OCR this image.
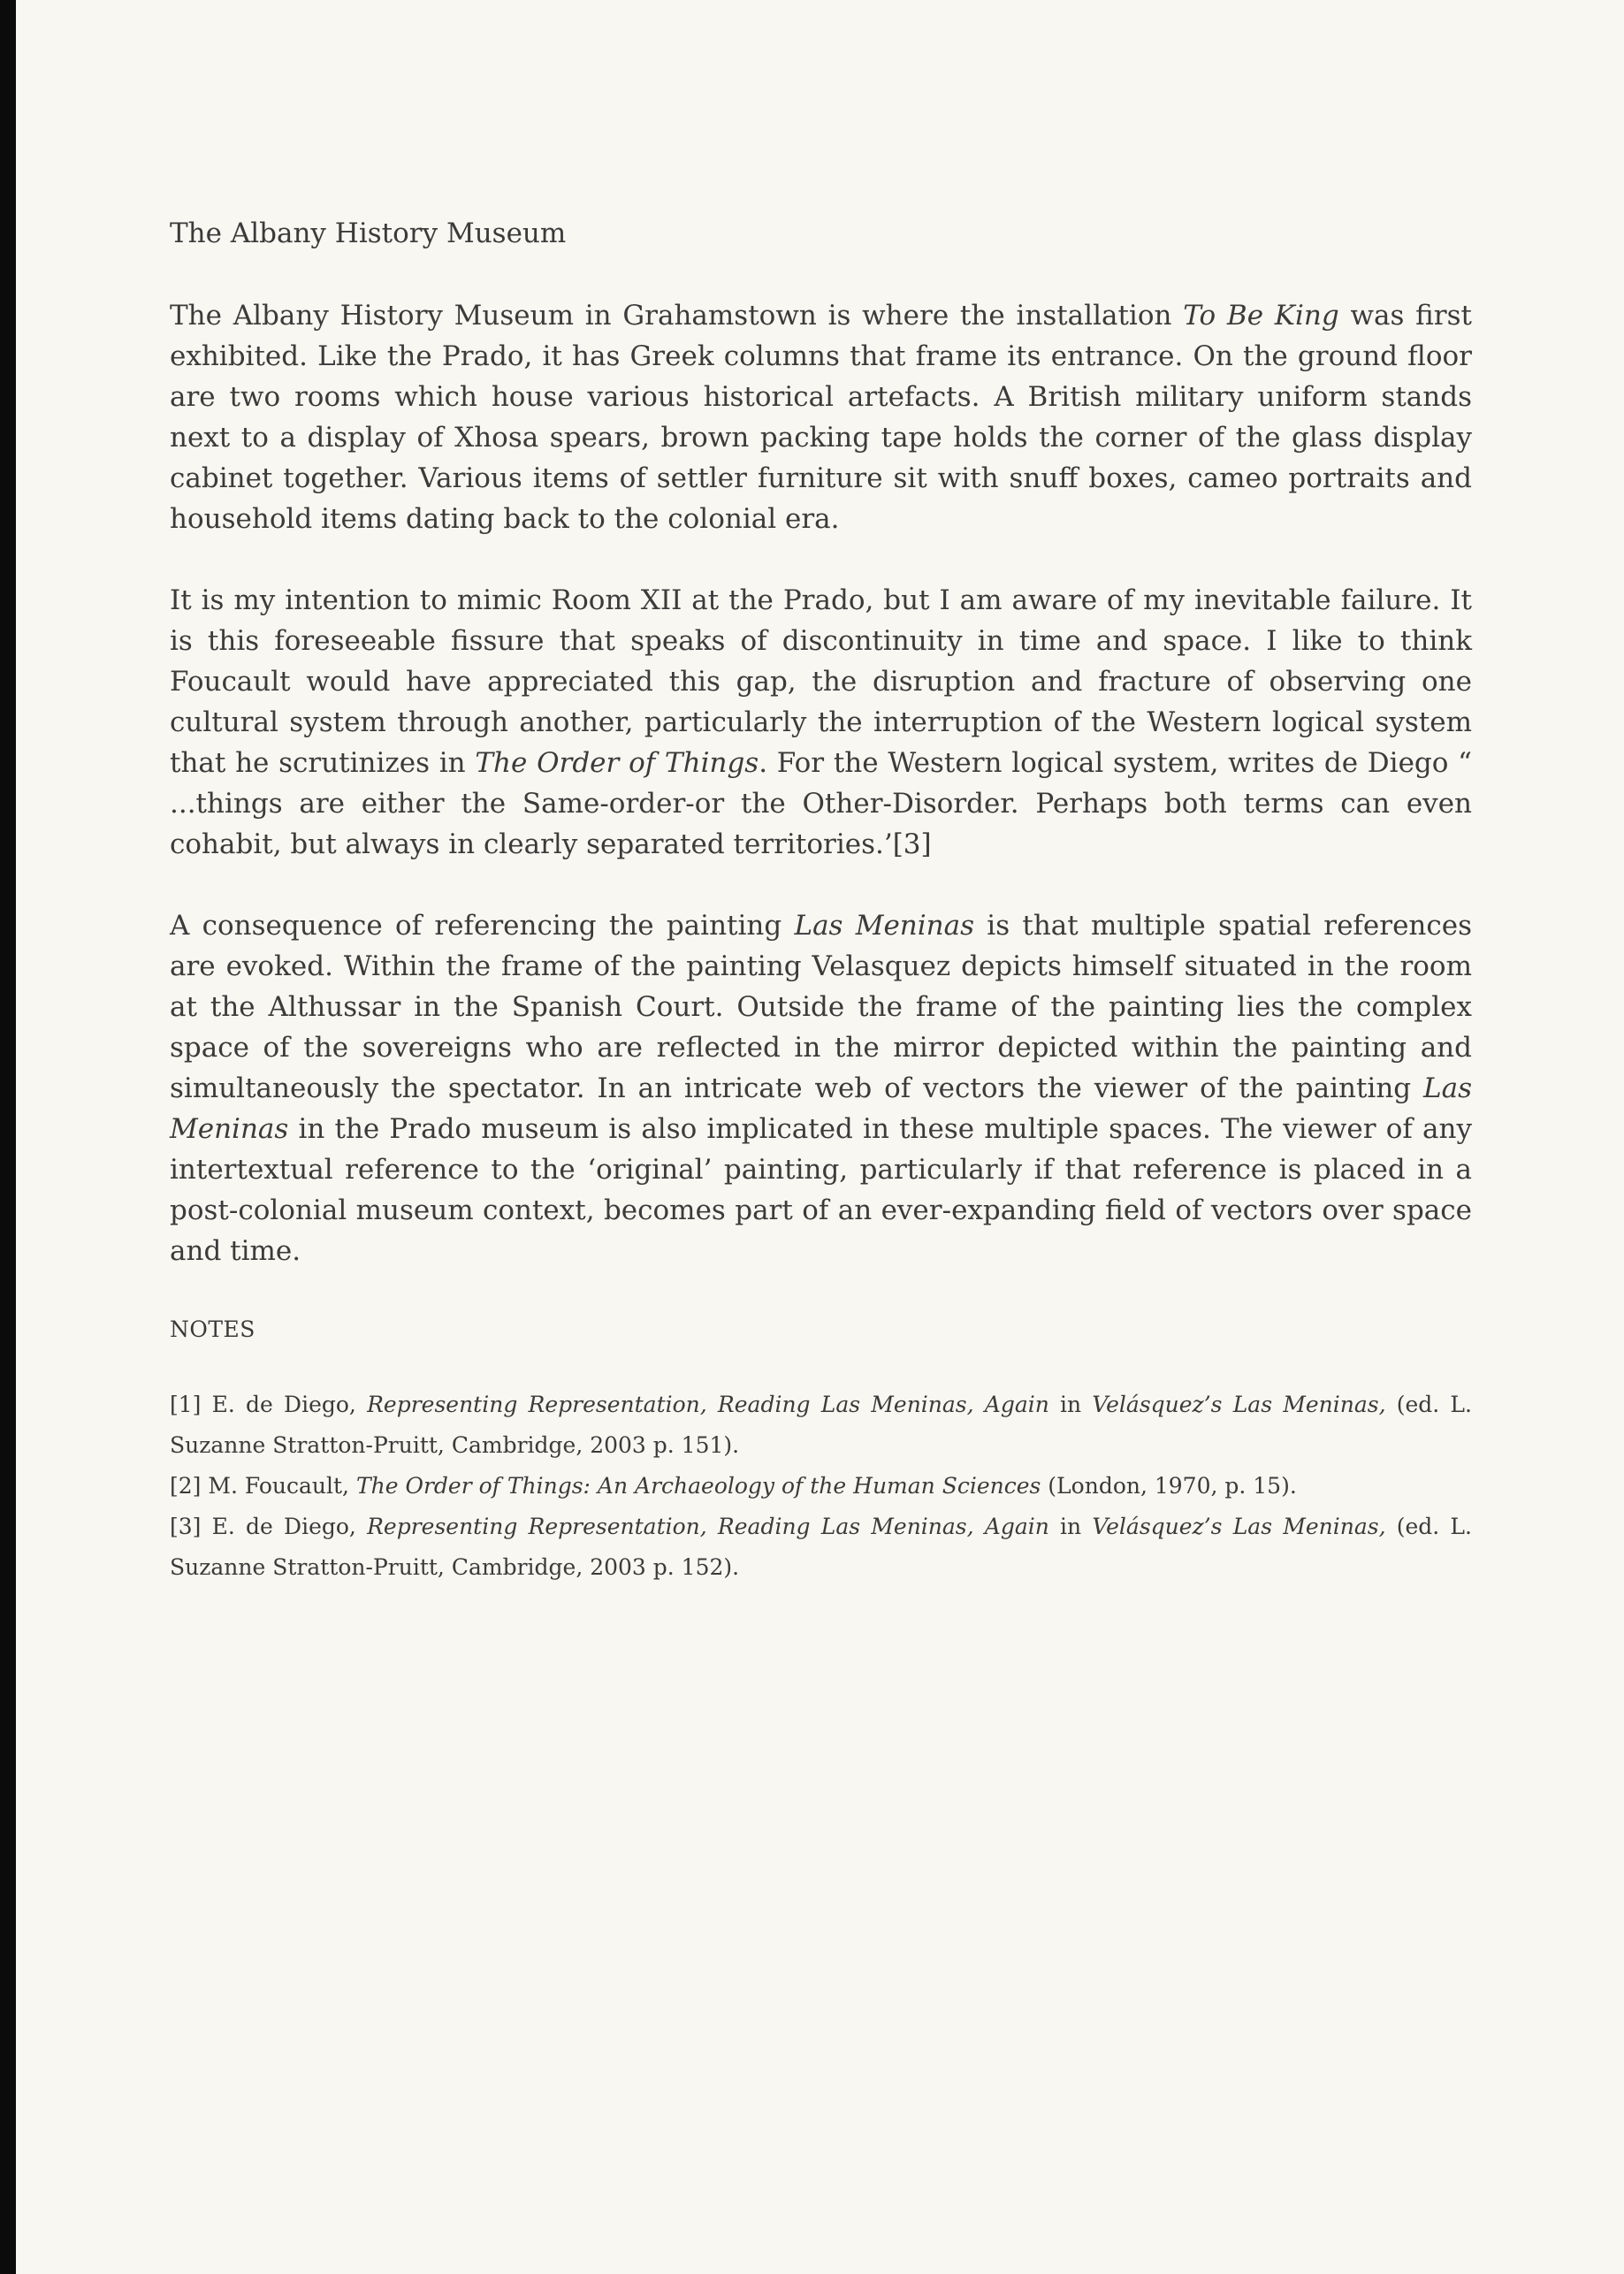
The Albany History Museum

The Albany History Museum in Grahamstown is where the installation To Be King was first exhibited. Like the Prado, it has Greek columns that frame its entrance. On the ground floor are two rooms which house various historical artefacts. A British military uniform stands next to a display of Xhosa spears, brown packing tape holds the corner of the glass display cabinet together. Various items of settler furniture sit with snuff boxes, cameo portraits and household items dating back to the colonial era.

It is my intention to mimic Room XII at the Prado, but I am aware of my inevitable failure. It is this foreseeable fissure that speaks of discontinuity in time and space. I like to think Foucault would have appreciated this gap, the disruption and fracture of observing one cultural system through another, particularly the interruption of the Western logical system that he scrutinizes in The Order of Things. For the Western logical system, writes de Diego “ ...things are either the Same-order-or the Other-Disorder. Perhaps both terms can even cohabit, but always in clearly separated territories.’[3]

A consequence of referencing the painting Las Meninas is that multiple spatial references are evoked. Within the frame of the painting Velasquez depicts himself situated in the room at the Althussar in the Spanish Court. Outside the frame of the painting lies the complex space of the sovereigns who are reflected in the mirror depicted within the painting and simultaneously the spectator. In an intricate web of vectors the viewer of the painting Las Meninas in the Prado museum is also implicated in these multiple spaces. The viewer of any intertextual reference to the ‘original’ painting, particularly if that reference is placed in a post-colonial museum context, becomes part of an ever-expanding field of vectors over space and time.

NOTES

[1] E. de Diego, Representing Representation, Reading Las Meninas, Again in Velásquez’s Las Meninas, (ed. L. Suzanne Stratton-Pruitt, Cambridge, 2003 p. 151).

[2] M. Foucault, The Order of Things: An Archaeology of the Human Sciences (London, 1970, p. 15).

[3] E. de Diego, Representing Representation, Reading Las Meninas, Again in Velásquez’s Las Meninas, (ed. L. Suzanne Stratton-Pruitt, Cambridge, 2003 p. 152).
